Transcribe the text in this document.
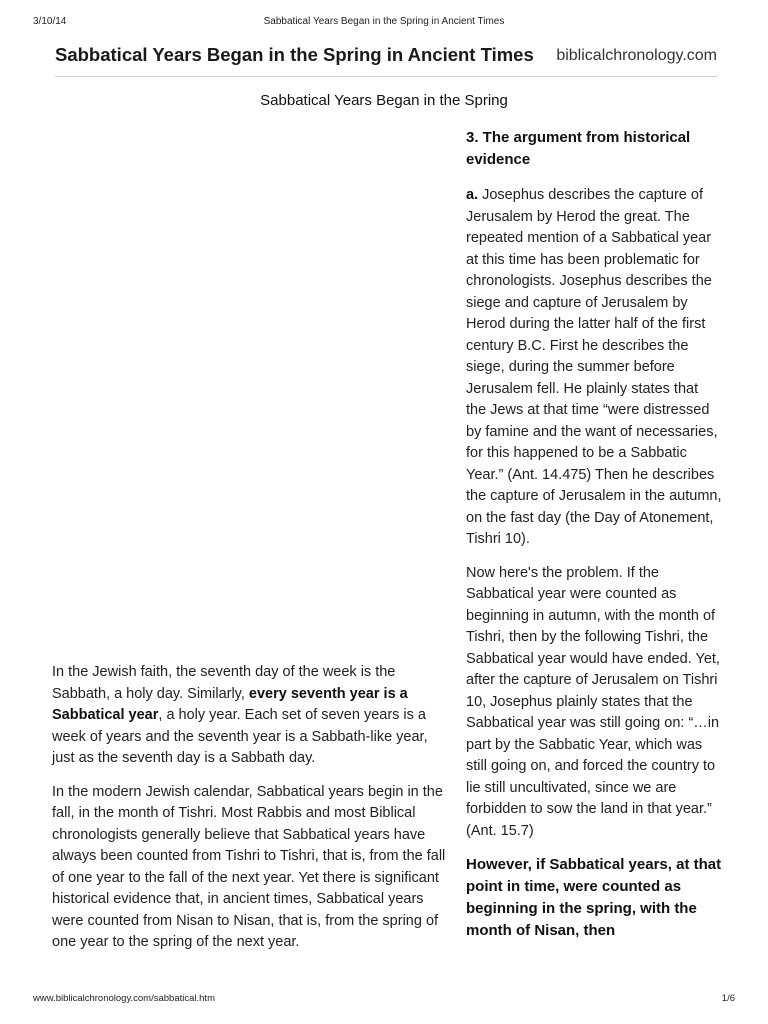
3/10/14	Sabbatical Years Began in the Spring in Ancient Times
Sabbatical Years Began in the Spring in Ancient Times biblicalchronology.com
Sabbatical Years Began in the Spring

In the Jewish faith, the seventh day of the week is the Sabbath, a holy day. Similarly, every seventh year is a Sabbatical year, a holy year. Each set of seven years is a week of years and the seventh year is a Sabbath-like year, just as the seventh day is a Sabbath day.

In the modern Jewish calendar, Sabbatical years begin in the fall, in the month of Tishri. Most Rabbis and most Biblical chronologists generally believe that Sabbatical years have always been counted from Tishri to Tishri, that is, from the fall of one year to the fall of the next year. Yet there is significant historical evidence that, in ancient times, Sabbatical years were counted from Nisan to Nisan, that is, from the spring of one year to the spring of the next year.

3. The argument from historical evidence

a. Josephus describes the capture of Jerusalem by Herod the great. The repeated mention of a Sabbatical year at this time has been problematic for chronologists. Josephus describes the siege and capture of Jerusalem by Herod during the latter half of the first century B.C. First he describes the siege, during the summer before Jerusalem fell. He plainly states that the Jews at that time “were distressed by famine and the want of necessaries, for this happened to be a Sabbatic Year.” (Ant. 14.475) Then he describes the capture of Jerusalem in the autumn, on the fast day (the Day of Atonement, Tishri 10).

Now here's the problem. If the Sabbatical year were counted as beginning in autumn, with the month of Tishri, then by the following Tishri, the Sabbatical year would have ended. Yet, after the capture of Jerusalem on Tishri 10, Josephus plainly states that the Sabbatical year was still going on: “…in part by the Sabbatic Year, which was still going on, and forced the country to lie still uncultivated, since we are forbidden to sow the land in that year.” (Ant. 15.7)

However, if Sabbatical years, at that point in time, were counted as beginning in the spring, with the month of Nisan, then

www.biblicalchronology.com/sabbatical.htm	1/6
